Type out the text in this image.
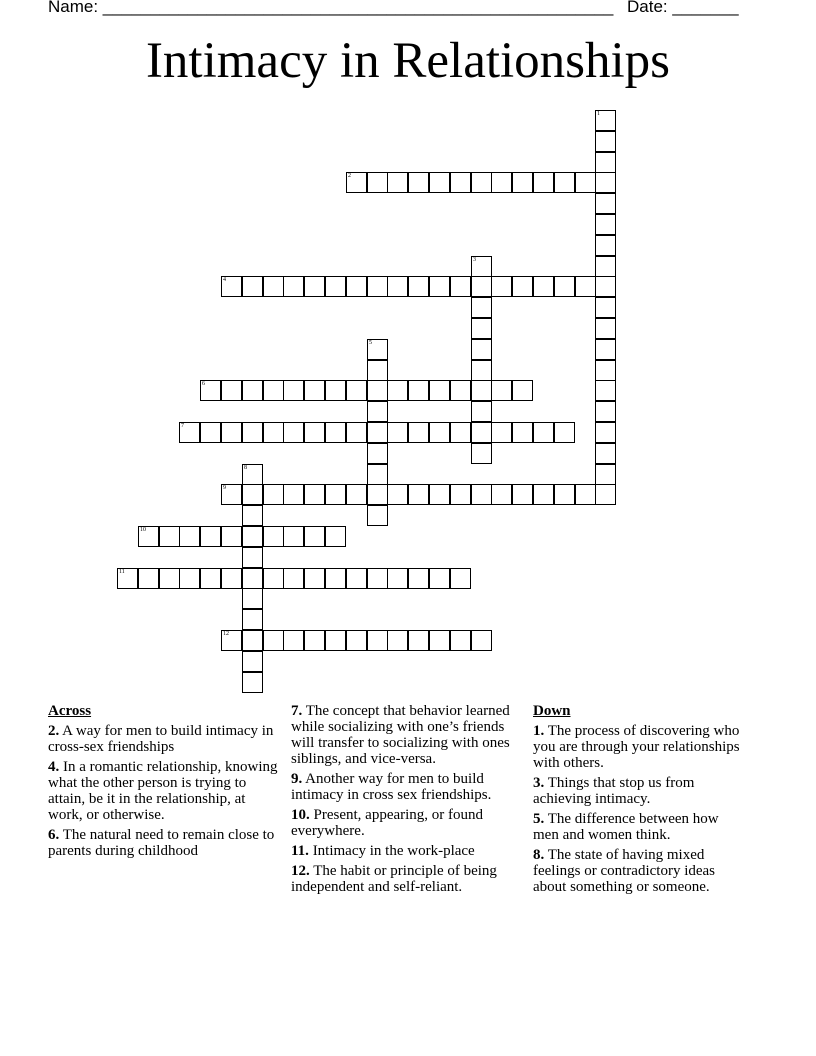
Name: ______________________________________________________ Date: _______
Intimacy in Relationships
1
2
3
4
5
6
7
8
9
10
11
12
Across
2. A way for men to build intimacy in cross-sex friendships
4. In a romantic relationship, knowing what the other person is trying to attain, be it in the relationship, at work, or otherwise.
6. The natural need to remain close to parents during childhood
7. The concept that behavior learned while socializing with one’s friends will transfer to socializing with ones siblings, and vice-versa.
9. Another way for men to build intimacy in cross sex friendships.
10. Present, appearing, or found everywhere.
11. Intimacy in the work-place
12. The habit or principle of being independent and self-reliant.
Down
1. The process of discovering who you are through your relationships with others.
3. Things that stop us from achieving intimacy.
5. The difference between how men and women think.
8. The state of having mixed feelings or contradictory ideas about something or someone.
